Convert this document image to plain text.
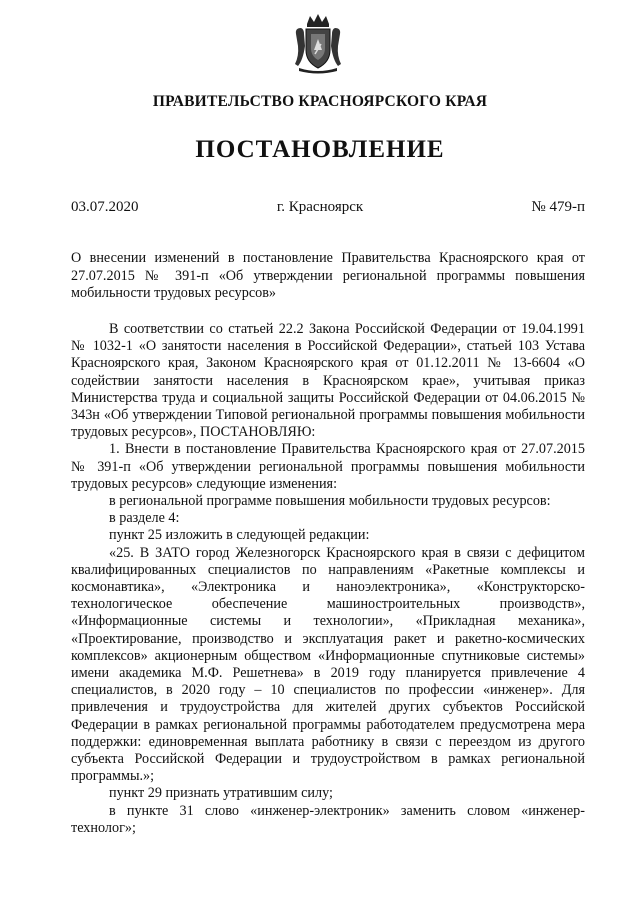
ПРАВИТЕЛЬСТВО КРАСНОЯРСКОГО КРАЯ
ПОСТАНОВЛЕНИЕ
03.07.2020	г. Красноярск	№ 479-п
О внесении изменений в постановление Правительства Красноярского края от 27.07.2015 № 391-п «Об утверждении региональной программы повышения мобильности трудовых ресурсов»

В соответствии со статьей 22.2 Закона Российской Федерации от 19.04.1991 № 1032-1 «О занятости населения в Российской Федерации», статьей 103 Устава Красноярского края, Законом Красноярского края от 01.12.2011 № 13-6604 «О содействии занятости населения в Красноярском крае», учитывая приказ Министерства труда и социальной защиты Российской Федерации от 04.06.2015 № 343н «Об утверждении Типовой региональной программы повышения мобильности трудовых ресурсов», ПОСТАНОВЛЯЮ:

1. Внести в постановление Правительства Красноярского края от 27.07.2015 № 391-п «Об утверждении региональной программы повышения мобильности трудовых ресурсов» следующие изменения:

в региональной программе повышения мобильности трудовых ресурсов:

в разделе 4:

пункт 25 изложить в следующей редакции:

«25. В ЗАТО город Железногорск Красноярского края в связи с дефицитом квалифицированных специалистов по направлениям «Ракетные комплексы и космонавтика», «Электроника и наноэлектроника», «Конструкторско-технологическое обеспечение машиностроительных производств», «Информационные системы и технологии», «Прикладная механика», «Проектирование, производство и эксплуатация ракет и ракетно-космических комплексов» акционерным обществом «Информационные спутниковые системы» имени академика М.Ф. Решетнева» в 2019 году планируется привлечение 4 специалистов, в 2020 году – 10 специалистов по профессии «инженер». Для привлечения и трудоустройства для жителей других субъектов Российской Федерации в рамках региональной программы работодателем предусмотрена мера поддержки: единовременная выплата работнику в связи с переездом из другого субъекта Российской Федерации и трудоустройством в рамках региональной программы.»;

пункт 29 признать утратившим силу;

в пункте 31 слово «инженер-электроник» заменить словом «инженер-технолог»;
